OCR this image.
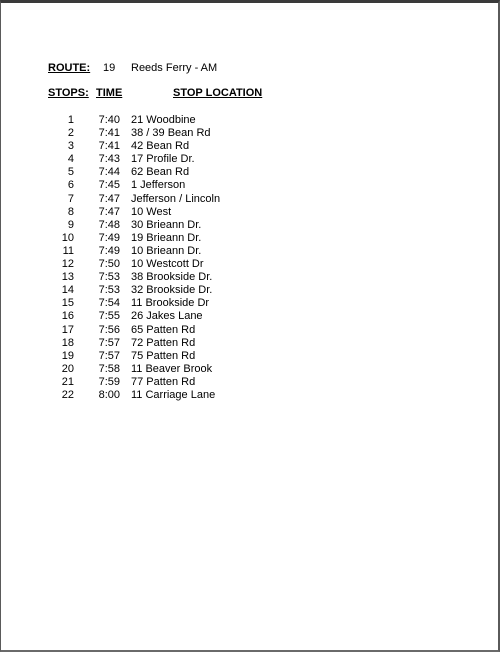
ROUTE: 19 Reeds Ferry - AM
STOPS: TIME	STOP LOCATION
1 7:40 21 Woodbine
2 7:41 38 / 39 Bean Rd
3 7:41 42 Bean Rd
4 7:43 17 Profile Dr.
5 7:44 62 Bean Rd
6 7:45 1 Jefferson
7 7:47 Jefferson / Lincoln
8 7:47 10 West
9 7:48 30 Brieann Dr.
10 7:49 19 Brieann Dr.
11 7:49 10 Brieann Dr.
12 7:50 10 Westcott Dr
13 7:53 38 Brookside Dr.
14 7:53 32 Brookside Dr.
15 7:54 11 Brookside Dr
16 7:55 26 Jakes Lane
17 7:56 65 Patten Rd
18 7:57 72 Patten Rd
19 7:57 75 Patten Rd
20 7:58 11 Beaver Brook
21 7:59 77 Patten Rd
22 8:00 11 Carriage Lane
